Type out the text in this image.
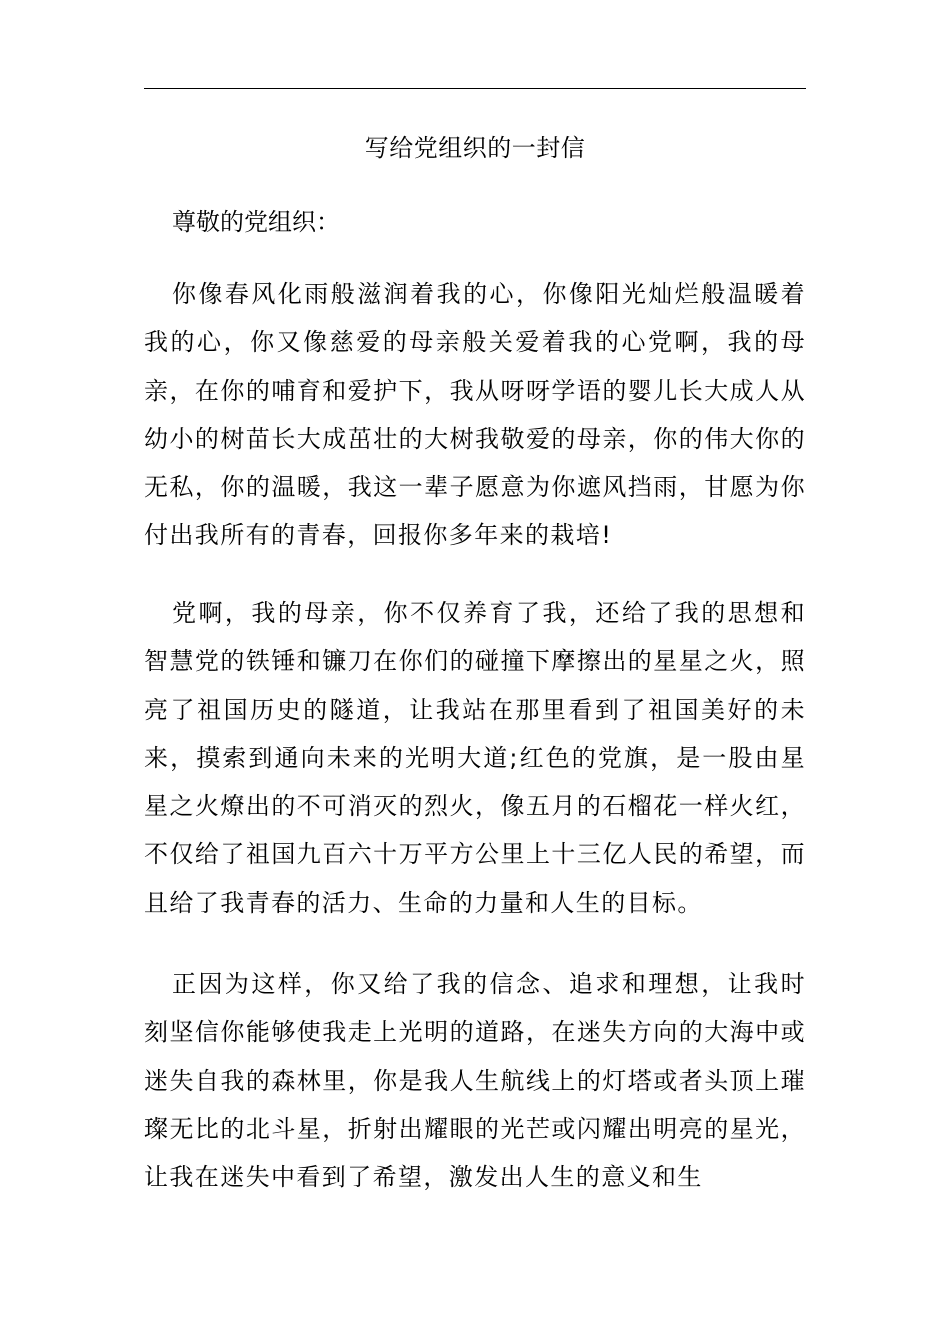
写给党组织的一封信
尊敬的党组织：

你像春风化雨般滋润着我的心，你像阳光灿烂般温暖着我的心，你又像慈爱的母亲般关爱着我的心党啊，我的母亲，在你的哺育和爱护下，我从呀呀学语的婴儿长大成人从幼小的树苗长大成茁壮的大树我敬爱的母亲，你的伟大你的无私，你的温暖，我这一辈子愿意为你遮风挡雨，甘愿为你付出我所有的青春，回报你多年来的栽培!

党啊，我的母亲，你不仅养育了我，还给了我的思想和智慧党的铁锤和镰刀在你们的碰撞下摩擦出的星星之火，照亮了祖国历史的隧道，让我站在那里看到了祖国美好的未来，摸索到通向未来的光明大道;红色的党旗，是一股由星星之火燎出的不可消灭的烈火，像五月的石榴花一样火红，不仅给了祖国九百六十万平方公里上十三亿人民的希望，而且给了我青春的活力、生命的力量和人生的目标。

正因为这样，你又给了我的信念、追求和理想，让我时刻坚信你能够使我走上光明的道路，在迷失方向的大海中或迷失自我的森林里，你是我人生航线上的灯塔或者头顶上璀璨无比的北斗星，折射出耀眼的光芒或闪耀出明亮的星光，让我在迷失中看到了希望，激发出人生的意义和生
